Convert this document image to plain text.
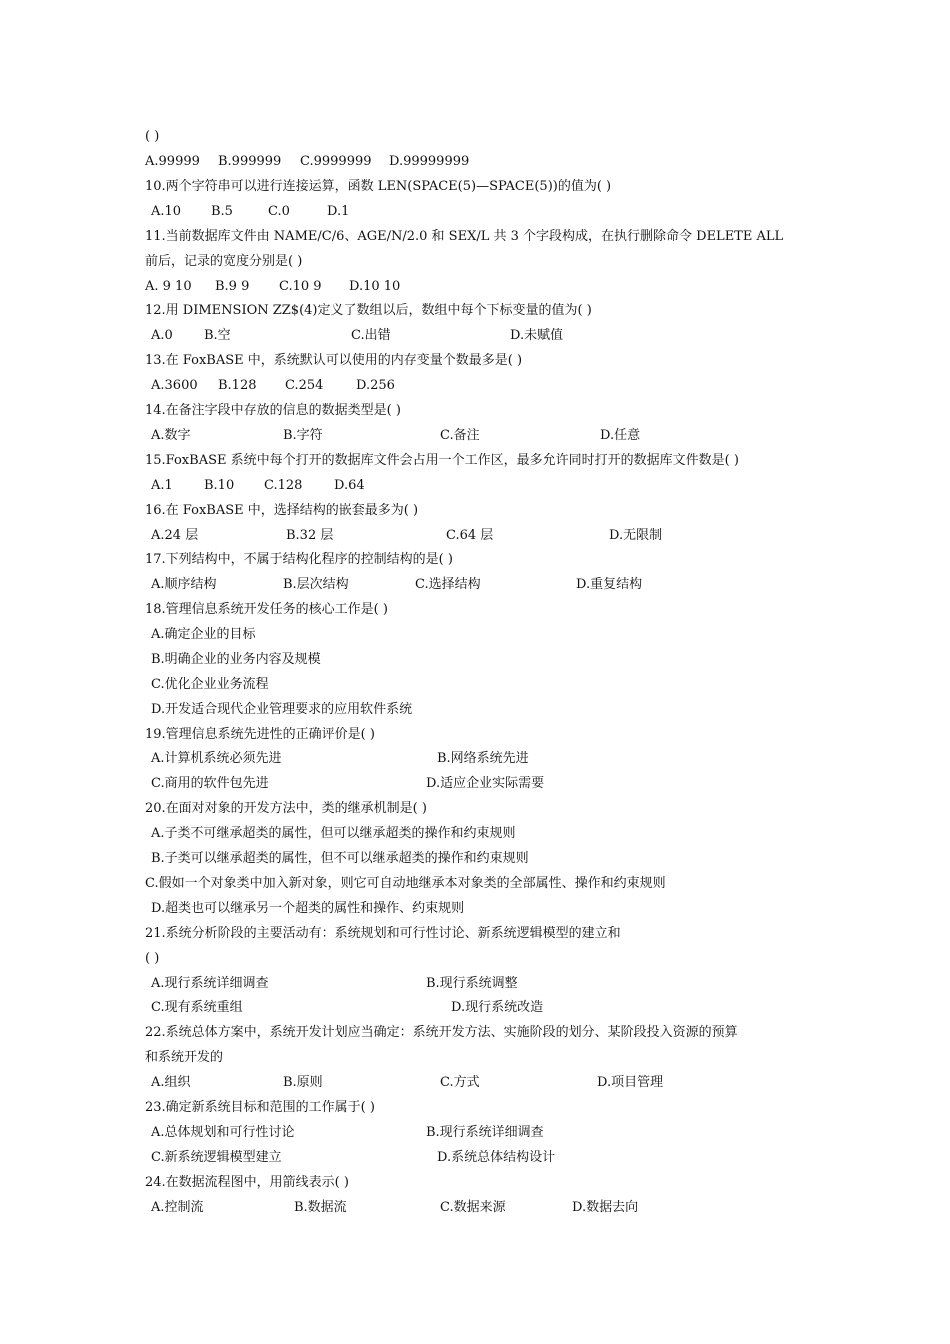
( )
A.99999 B.999999 C.9999999 D.99999999
10.两个字符串可以进行连接运算，函数 LEN(SPACE(5)—SPACE(5))的值为( )
A.10 B.5	C.0	D.1
11.当前数据库文件由 NAME/C/6、AGE/N/2.0 和 SEX/L 共 3 个字段构成，在执行删除命令 DELETE ALL
前后，记录的宽度分别是( )
A. 9 10 B.9 9 C.10 9 D.10 10
12.用 DIMENSION ZZ$(4)定义了数组以后，数组中每个下标变量的值为( )
A.0 B.空	C.出错	D.未赋值
13.在 FoxBASE 中，系统默认可以使用的内存变量个数最多是( )
A.3600 B.128 C.254	D.256
14.在备注字段中存放的信息的数据类型是( )
A.数字	B.字符	C.备注	D.任意
15.FoxBASE 系统中每个打开的数据库文件会占用一个工作区，最多允许同时打开的数据库文件数是( )
A.1 B.10 C.128 D.64
16.在 FoxBASE 中，选择结构的嵌套最多为( )
A.24 层	B.32 层	C.64 层	D.无限制
17.下列结构中，不属于结构化程序的控制结构的是( )
A.顺序结构	B.层次结构	C.选择结构	D.重复结构
18.管理信息系统开发任务的核心工作是( )
A.确定企业的目标
B.明确企业的业务内容及规模
C.优化企业业务流程
D.开发适合现代企业管理要求的应用软件系统
19.管理信息系统先进性的正确评价是( )
A.计算机系统必须先进	B.网络系统先进
C.商用的软件包先进	D.适应企业实际需要
20.在面对对象的开发方法中，类的继承机制是( )
A.子类不可继承超类的属性，但可以继承超类的操作和约束规则
B.子类可以继承超类的属性，但不可以继承超类的操作和约束规则
C.假如一个对象类中加入新对象，则它可自动地继承本对象类的全部属性、操作和约束规则
D.超类也可以继承另一个超类的属性和操作、约束规则
21.系统分析阶段的主要活动有：系统规划和可行性讨论、新系统逻辑模型的建立和
( )
A.现行系统详细调查	B.现行系统调整
C.现有系统重组	D.现行系统改造
22.系统总体方案中，系统开发计划应当确定：系统开发方法、实施阶段的划分、某阶段投入资源的预算
和系统开发的
A.组织	B.原则	C.方式	D.项目管理
23.确定新系统目标和范围的工作属于( )
A.总体规划和可行性讨论	B.现行系统详细调查
C.新系统逻辑模型建立	D.系统总体结构设计
24.在数据流程图中，用箭线表示( )
A.控制流	B.数据流	C.数据来源	D.数据去向
